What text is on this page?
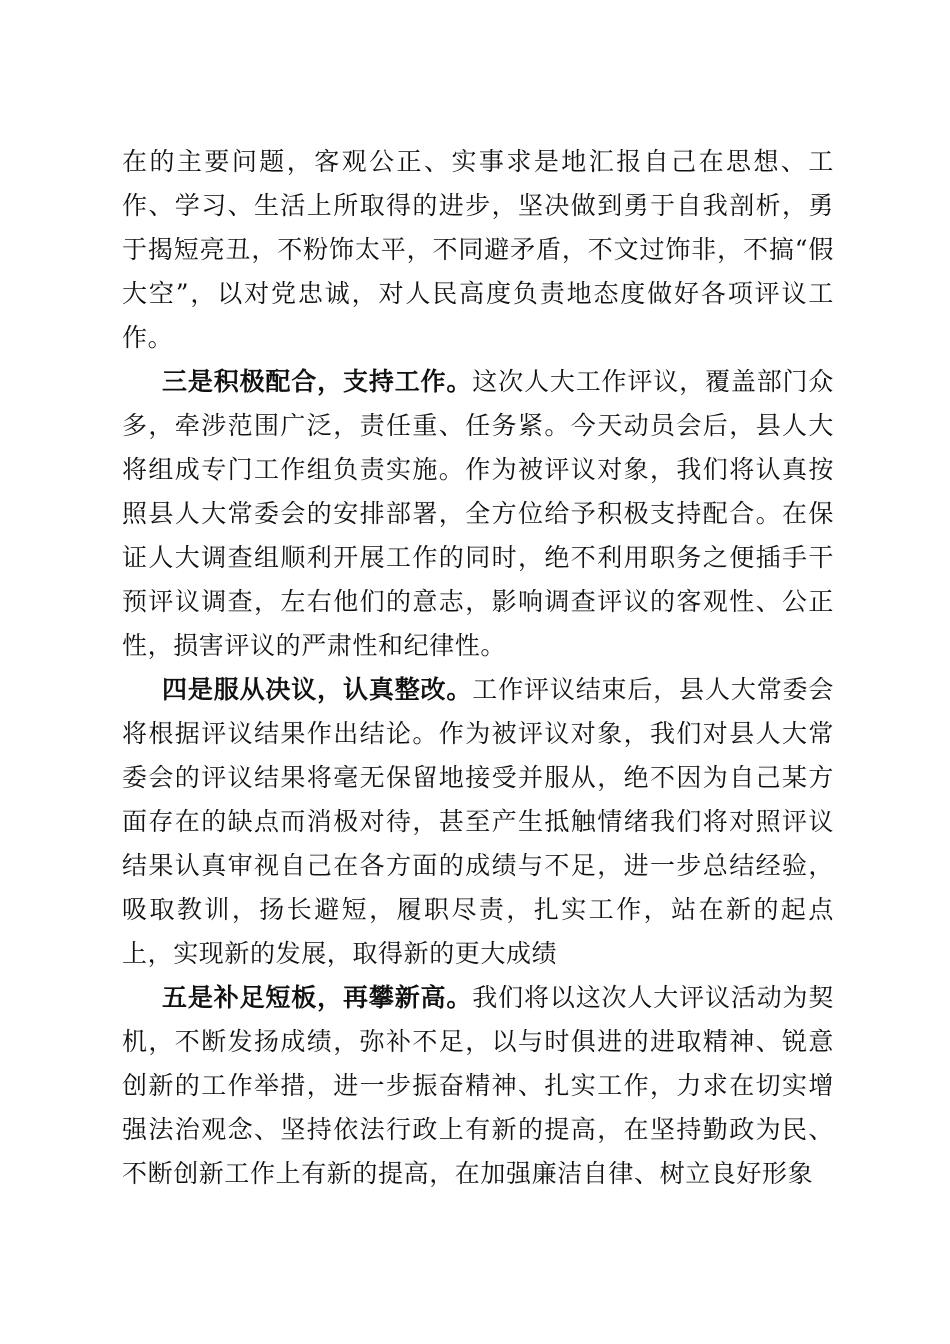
在的主要问题，客观公正、实事求是地汇报自己在思想、工作、学习、生活上所取得的进步，坚决做到勇于自我剖析，勇于揭短亮丑，不粉饰太平，不同避矛盾，不文过饰非，不搞“假大空”，以对党忠诚，对人民高度负责地态度做好各项评议工作。

三是积极配合，支持工作。这次人大工作评议，覆盖部门众多，牵涉范围广泛，责任重、任务紧。今天动员会后，县人大将组成专门工作组负责实施。作为被评议对象，我们将认真按照县人大常委会的安排部署，全方位给予积极支持配合。在保证人大调查组顺利开展工作的同时，绝不利用职务之便插手干预评议调查，左右他们的意志，影响调查评议的客观性、公正性，损害评议的严肃性和纪律性。

四是服从决议，认真整改。工作评议结束后，县人大常委会将根据评议结果作出结论。作为被评议对象，我们对县人大常委会的评议结果将毫无保留地接受并服从，绝不因为自己某方面存在的缺点而消极对待，甚至产生抵触情绪我们将对照评议结果认真审视自己在各方面的成绩与不足，进一步总结经验，吸取教训，扬长避短，履职尽责，扎实工作，站在新的起点上，实现新的发展，取得新的更大成绩

五是补足短板，再攀新高。我们将以这次人大评议活动为契机，不断发扬成绩，弥补不足，以与时俱进的进取精神、锐意创新的工作举措，进一步振奋精神、扎实工作，力求在切实增强法治观念、坚持依法行政上有新的提高，在坚持勤政为民、不断创新工作上有新的提高，在加强廉洁自律、树立良好形象
